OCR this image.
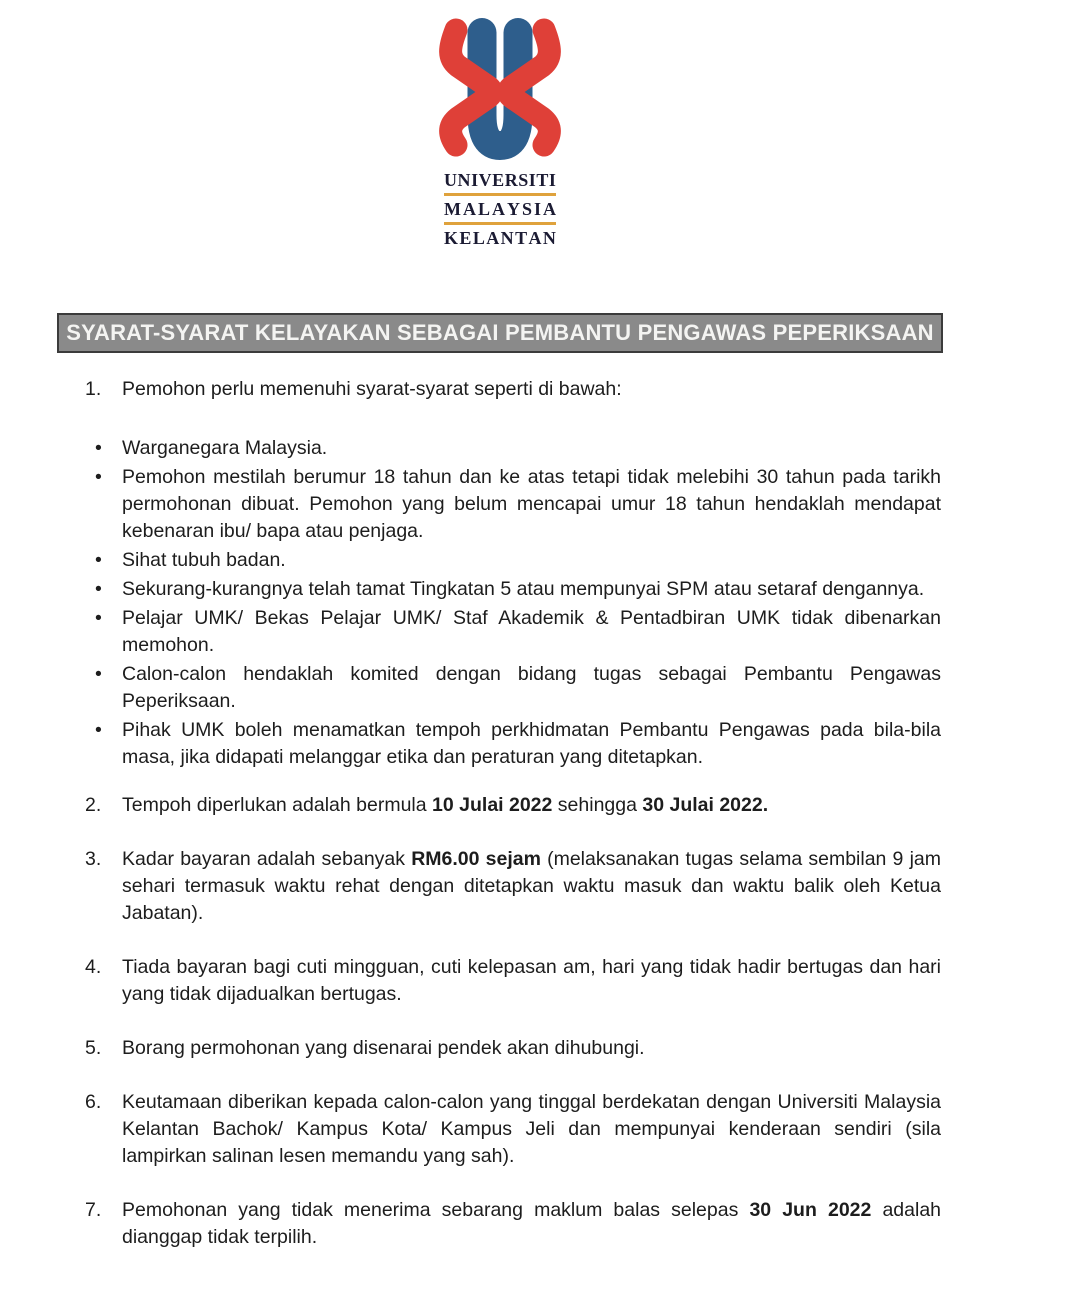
U N I V E R S I T I
M A L A Y S I A
K E L A N T A N
SYARAT-SYARAT KELAYAKAN SEBAGAI PEMBANTU PENGAWAS PEPERIKSAAN
1.	Pemohon perlu memenuhi syarat-syarat seperti di bawah:
•	Warganegara Malaysia.
•	Pemohon mestilah berumur 18 tahun dan ke atas tetapi tidak melebihi 30 tahun pada tarikh permohonan dibuat. Pemohon yang belum mencapai umur 18 tahun hendaklah mendapat kebenaran ibu/ bapa atau penjaga.
•	Sihat tubuh badan.
•	Sekurang-kurangnya telah tamat Tingkatan 5 atau mempunyai SPM atau setaraf dengannya.
•	Pelajar UMK/ Bekas Pelajar UMK/ Staf Akademik & Pentadbiran UMK tidak dibenarkan memohon.
•	Calon-calon hendaklah komited dengan bidang tugas sebagai Pembantu Pengawas Peperiksaan.
•	Pihak UMK boleh menamatkan tempoh perkhidmatan Pembantu Pengawas pada bila-bila masa, jika didapati melanggar etika dan peraturan yang ditetapkan.
2.	Tempoh diperlukan adalah bermula 10 Julai 2022 sehingga 30 Julai 2022.
3.	Kadar bayaran adalah sebanyak RM6.00 sejam (melaksanakan tugas selama sembilan 9 jam sehari termasuk waktu rehat dengan ditetapkan waktu masuk dan waktu balik oleh Ketua Jabatan).
4.	Tiada bayaran bagi cuti mingguan, cuti kelepasan am, hari yang tidak hadir bertugas dan hari yang tidak dijadualkan bertugas.
5.	Borang permohonan yang disenarai pendek akan dihubungi.
6.	Keutamaan diberikan kepada calon-calon yang tinggal berdekatan dengan Universiti Malaysia Kelantan Bachok/ Kampus Kota/ Kampus Jeli dan mempunyai kenderaan sendiri (sila lampirkan salinan lesen memandu yang sah).
7.	Pemohonan yang tidak menerima sebarang maklum balas selepas 30 Jun 2022 adalah dianggap tidak terpilih.
